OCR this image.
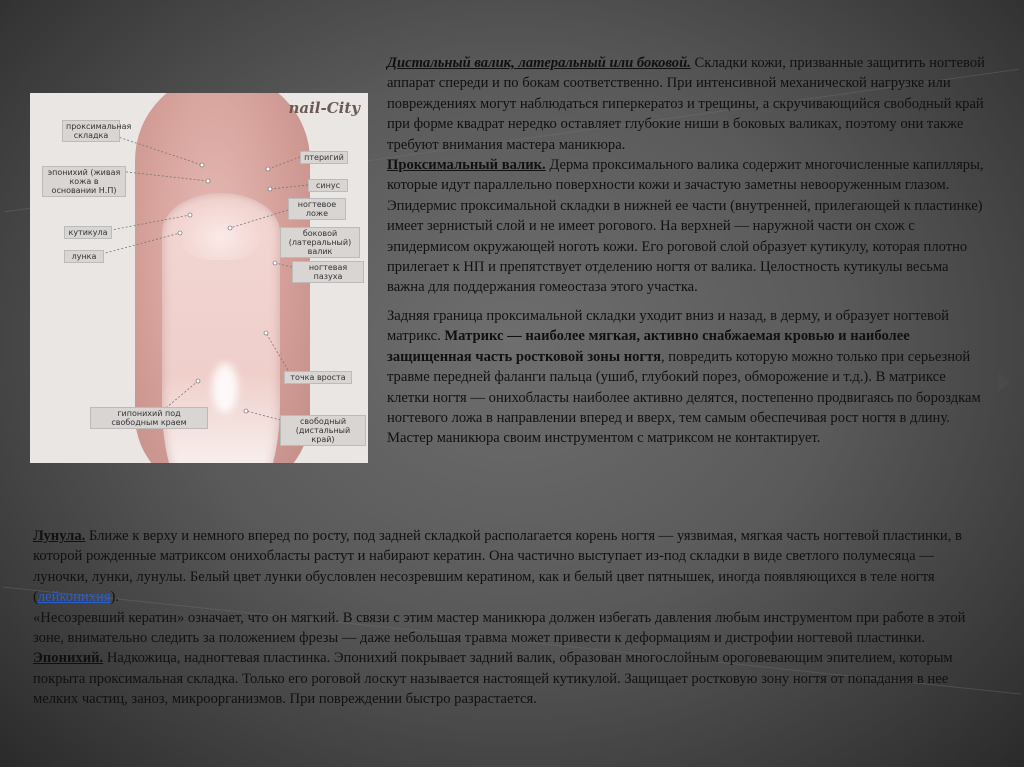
nail-City
проксимальная складка
эпонихий (живая кожа в основании Н.П)
кутикула
лунка
птеригий
синус
ногтевое ложе
боковой (латеральный) валик
ногтевая пазуха
точка вроста
гипонихий под свободным краем	свободный (дистальный край)

Дистальный валик, латеральный или боковой. Складки кожи, призванные защитить ногтевой аппарат спереди и по бокам соответственно. При интенсивной механической нагрузке или повреждениях могут наблюдаться гиперкератоз и трещины, а скручивающийся свободный край при форме квадрат нередко оставляет глубокие ниши в боковых валиках, поэтому они также требуют внимания мастера маникюра.

Проксимальный валик. Дерма проксимального валика содержит многочисленные капилляры, которые идут параллельно поверхности кожи и зачастую заметны невооруженным глазом. Эпидермис проксимальной складки в нижней ее части (внутренней, прилегающей к пластинке) имеет зернистый слой и не имеет рогового. На верхней — наружной части он схож с эпидермисом окружающей ноготь кожи. Его роговой слой образует кутикулу, которая плотно прилегает к НП и препятствует отделению ногтя от валика. Целостность кутикулы весьма важна для поддержания гомеостаза этого участка.

Задняя граница проксимальной складки уходит вниз и назад, в дерму, и образует ногтевой матрикс. Матрикс — наиболее мягкая, активно снабжаемая кровью и наиболее защищенная часть ростковой зоны ногтя, повредить которую можно только при серьезной травме передней фаланги пальца (ушиб, глубокий порез, обморожение и т.д.). В матриксе клетки ногтя — онихобласты наиболее активно делятся, постепенно продвигаясь по бороздкам ногтевого ложа в направлении вперед и вверх, тем самым обеспечивая рост ногтя в длину. Мастер маникюра своим инструментом с матриксом не контактирует.

Лунула. Ближе к верху и немного вперед по росту, под задней складкой располагается корень ногтя — уязвимая, мягкая часть ногтевой пластинки, в которой рожденные матриксом онихобласты растут и набирают кератин. Она частично выступает из-под складки в виде светлого полумесяца — луночки, лунки, лунулы. Белый цвет лунки обусловлен несозревшим кератином, как и белый цвет пятнышек, иногда появляющихся в теле ногтя (лейконихия).

«Несозревший кератин» означает, что он мягкий. В связи с этим мастер маникюра должен избегать давления любым инструментом при работе в этой зоне, внимательно следить за положением фрезы — даже небольшая травма может привести к деформациям и дистрофии ногтевой пластинки.

Эпонихий. Надкожица, надногтевая пластинка. Эпонихий покрывает задний валик, образован многослойным ороговевающим эпителием, которым покрыта проксимальная складка. Только его роговой лоскут называется настоящей кутикулой. Защищает ростковую зону ногтя от попадания в нее мелких частиц, заноз, микроорганизмов. При повреждении быстро разрастается.
